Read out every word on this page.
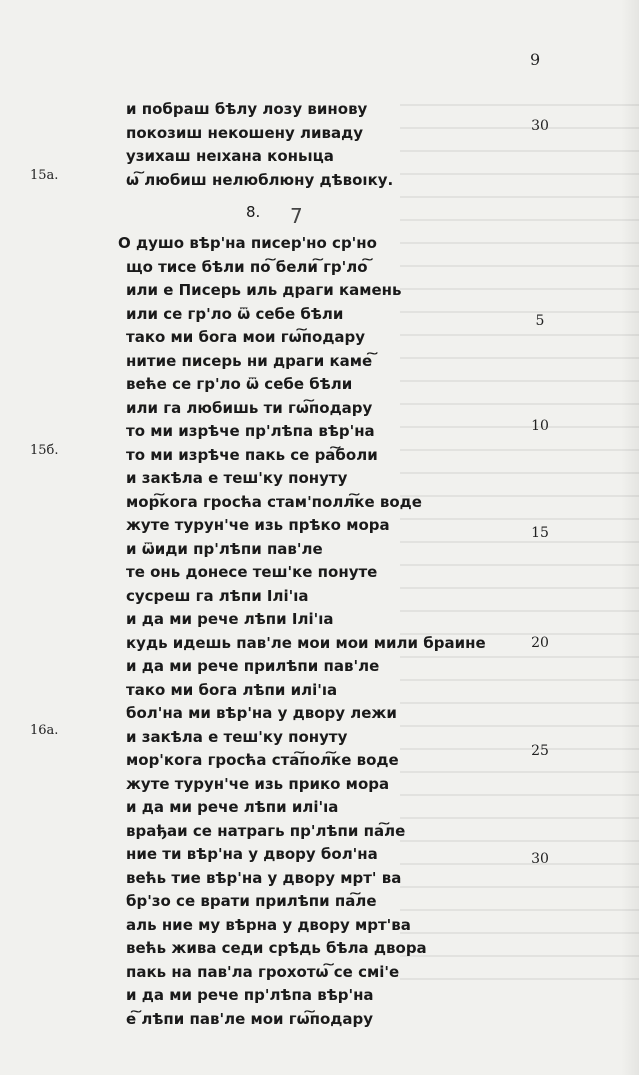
9
30
5
10
15
20
25
30
15a.
15б.
16a.
и побраш бѣлу лозу винову
покозиш некошену ливаду
узихаш неıхана коньıца
ѡ͠ любиш нелюблюну дѣвоıку.
8. 7
О душо вѣр'на писер'но ср'но
що тисе бѣли по͠ бели͠ гр'ло͠
или е Писерь иль драги камень
или се гр'ло ѿ себе бѣли
тако ми бога мои гѡ͠подару
нитие писерь ни драги каме͠
веће се гр'ло ѿ себе бѣли
или га любишь ти гѡ͠подару
то ми изрѣче пр'лѣпа вѣр'на
то ми изрѣче пакь се ра͠боли
и закѣла е теш'ку понуту
мор͠кога гросћа стам'полл͠ке воде
жуте турун'че изь прѣко мора
и ѿиди пр'лѣпи пав'ле
те онь донесе теш'ке понуте
сусреш га лѣпи Ілі'ıа
и да ми рече лѣпи Ілі'ıа
кудь идешь пав'ле мои мои мили браине
и да ми рече прилѣпи пав'ле
тако ми бога лѣпи илі'ıа
бол'на ми вѣр'на у двору лежи
и закѣла е теш'ку понуту
мор'кога гросћа ста͠пол͠ке воде
жуте турун'че изь прико мора
и да ми рече лѣпи илі'ıа
врађаи се натрагь пр'лѣпи па͠ле
ние ти вѣр'на у двору бол'на
већь тие вѣр'на у двору мрт' ва
бр'зо се врати прилѣпи па͠ле
аль ние му вѣрна у двору мрт'ва
већь жива седи срѣдь бѣла двора
пакь на пав'ла грохотѡ͠ се смі'е
и да ми рече пр'лѣпа вѣр'на
е͠ лѣпи пав'ле мои гѡ͠подару
